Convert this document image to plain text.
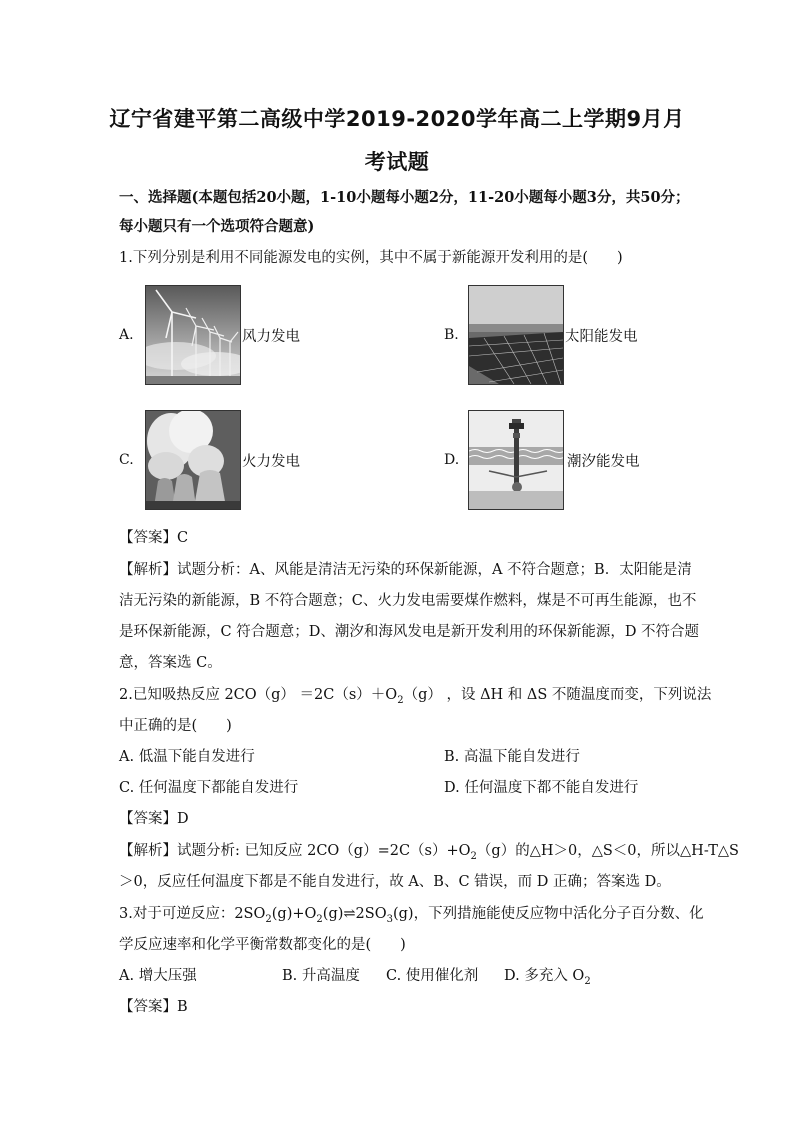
辽宁省建平第二高级中学2019-2020学年高二上学期9月月
考试题
一、选择题(本题包括20小题，1-10小题每小题2分，11-20小题每小题3分，共50分；
每小题只有一个选项符合题意)
1.下列分别是利用不同能源发电的实例，其中不属于新能源开发利用的是(　　)
A.	风力发电	B.	太阳能发电
C.	火力发电	D.	潮汐能发电
【答案】C
【解析】试题分析：A、风能是清洁无污染的环保新能源，A 不符合题意；B．太阳能是清
洁无污染的新能源，B 不符合题意；C、火力发电需要煤作燃料，煤是不可再生能源，也不
是环保新能源，C 符合题意；D、潮汐和海风发电是新开发利用的环保新能源，D 不符合题
意，答案选 C。
2.已知吸热反应 $2CO(g) =2C(s)+O_2(g)$ ，设 ΔH 和 ΔS 不随温度而变，下列说法
中正确的是(　　)
A. 低温下能自发进行	B. 高温下能自发进行
C. 任何温度下都能自发进行	D. 任何温度下都不能自发进行
【答案】D
【解析】试题分析: 已知反应 $2CO(g)=2C(s)+O_2(g)$的△H＞0，△S＜0，所以△H-T△S
＞0，反应任何温度下都是不能自发进行，故 A、B、C 错误，而 D 正确；答案选 D。
3.对于可逆反应：$2SO_2(g)+O_2(g)\rightleftharpoons 2SO_3(g)$，下列措施能使反应物中活化分子百分数、化
学反应速率和化学平衡常数都变化的是(　　)
A. 增大压强	B. 升高温度 C. 使用催化剂 D. 多充入 $O_2$
【答案】B
